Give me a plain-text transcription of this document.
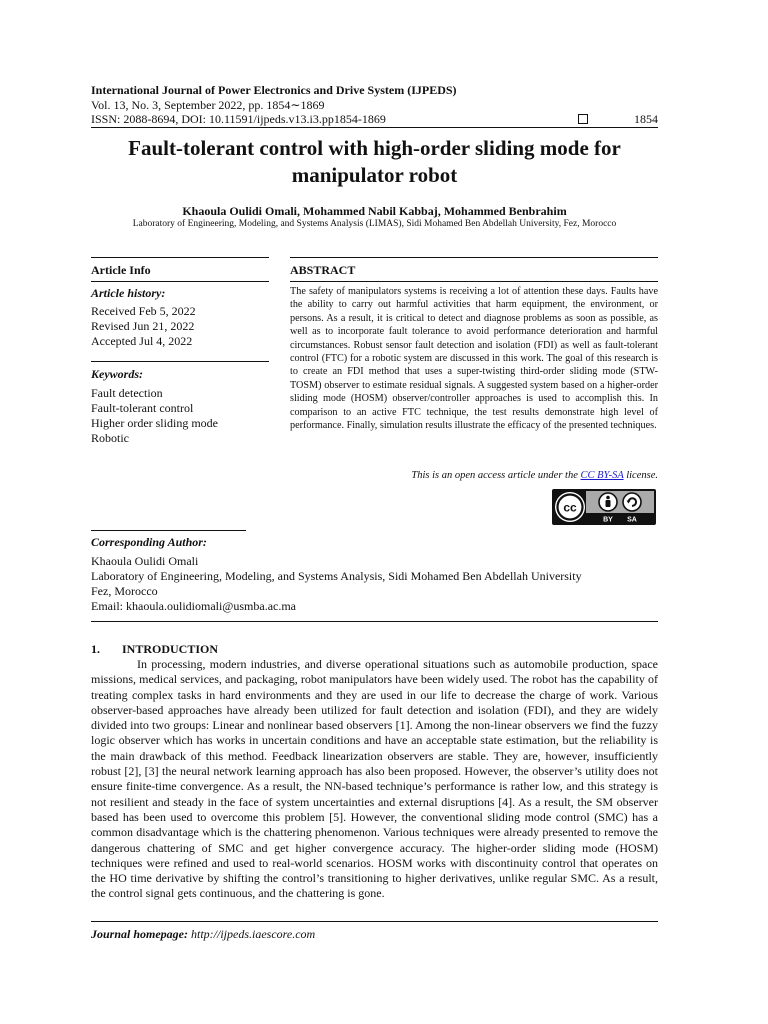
International Journal of Power Electronics and Drive System (IJPEDS)
Vol. 13, No. 3, September 2022, pp. 1854∼1869
ISSN: 2088-8694, DOI: 10.11591/ijpeds.v13.i3.pp1854-1869	1854
Fault-tolerant control with high-order sliding mode for
manipulator robot
Khaoula Oulidi Omali, Mohammed Nabil Kabbaj, Mohammed Benbrahim
Laboratory of Engineering, Modeling, and Systems Analysis (LIMAS), Sidi Mohamed Ben Abdellah University, Fez, Morocco
Article Info
Article history:
Received Feb 5, 2022
Revised Jun 21, 2022
Accepted Jul 4, 2022
Keywords:
Fault detection
Fault-tolerant control
Higher order sliding mode
Robotic
ABSTRACT
The safety of manipulators systems is receiving a lot of attention these days. Faults have the ability to carry out harmful activities that harm equipment, the environment, or persons. As a result, it is critical to detect and diagnose problems as soon as possible, as well as to incorporate fault tolerance to avoid performance deterioration and harmful circumstances. Robust sensor fault detection and isolation (FDI) as well as fault-tolerant control (FTC) for a robotic system are discussed in this work. The goal of this research is to create an FDI method that uses a super-twisting third-order sliding mode (STW-TOSM) observer to estimate residual signals. A suggested system based on a higher-order sliding mode (HOSM) observer/controller approaches is used to accomplish this. In comparison to an active FTC technique, the test results demonstrate high level of performance. Finally, simulation results illustrate the efficacy of the presented techniques.
This is an open access article under the CC BY-SA license.
cc
BY SA
Corresponding Author:
Khaoula Oulidi Omali
Laboratory of Engineering, Modeling, and Systems Analysis, Sidi Mohamed Ben Abdellah University
Fez, Morocco
Email: khaoula.oulidiomali@usmba.ac.ma
1. INTRODUCTION
In processing, modern industries, and diverse operational situations such as automobile production, space missions, medical services, and packaging, robot manipulators have been widely used. The robot has the capability of treating complex tasks in hard environments and they are used in our life to decrease the charge of work. Various observer-based approaches have already been utilized for fault detection and isolation (FDI), and they are widely divided into two groups: Linear and nonlinear based observers [1]. Among the non-linear observers we find the fuzzy logic observer which has works in uncertain conditions and have an acceptable state estimation, but the reliability is the main drawback of this method. Feedback linearization observers are stable. They are, however, insufficiently robust [2], [3] the neural network learning approach has also been proposed. However, the observer’s utility does not ensure finite-time convergence. As a result, the NN-based technique’s performance is rather low, and this strategy is not resilient and steady in the face of system uncertainties and external disruptions [4]. As a result, the SM observer based has been used to overcome this problem [5]. However, the conventional sliding mode control (SMC) has a common disadvantage which is the chattering phenomenon. Various techniques were already presented to remove the dangerous chattering of SMC and get higher convergence accuracy. The higher-order sliding mode (HOSM) techniques were refined and used to real-world scenarios. HOSM works with discontinuity control that operates on the HO time derivative by shifting the control’s transitioning to higher derivatives, unlike regular SMC. As a result, the control signal gets continuous, and the chattering is gone.
Journal homepage: http://ijpeds.iaescore.com
